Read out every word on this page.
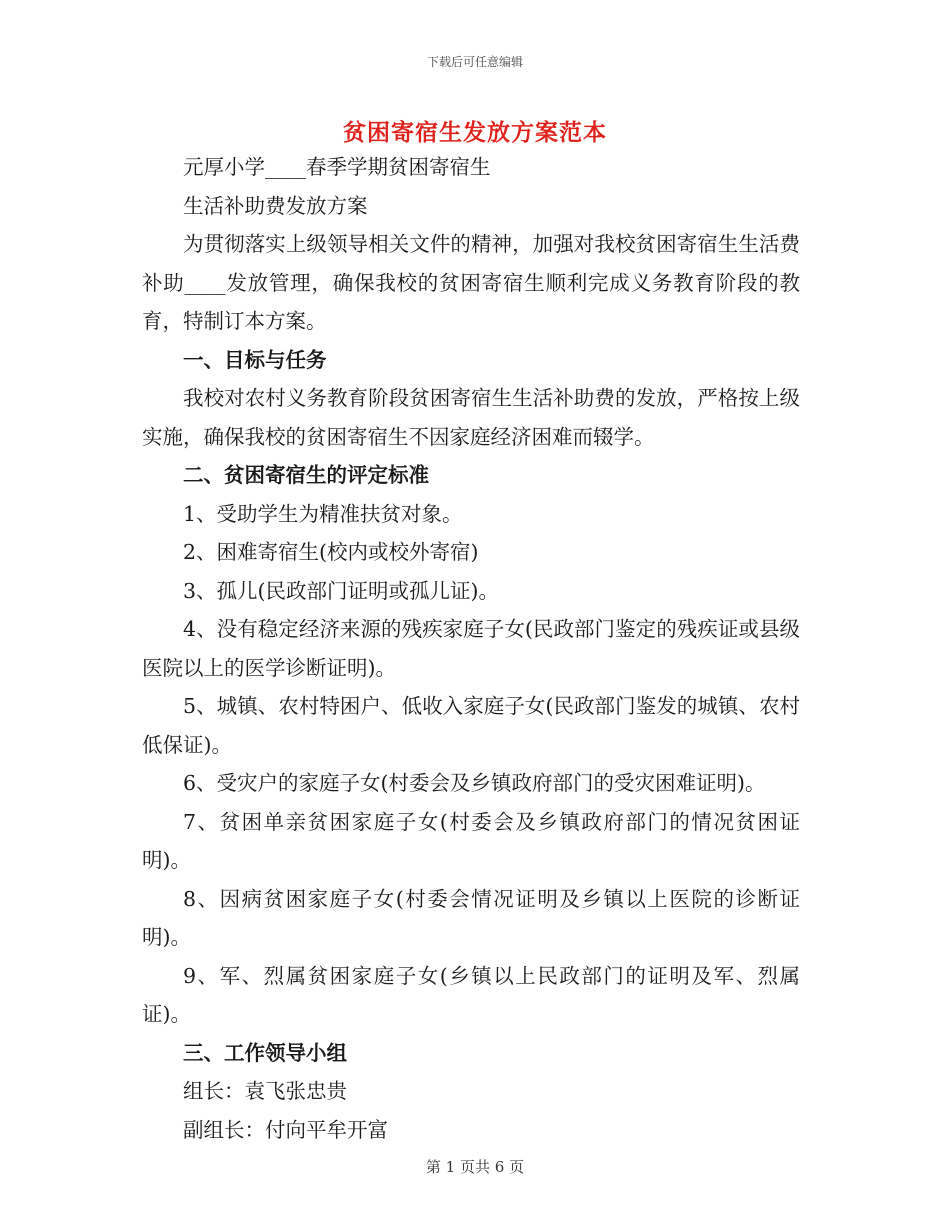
下载后可任意编辑
贫困寄宿生发放方案范本

元厚小学____春季学期贫困寄宿生

生活补助费发放方案

为贯彻落实上级领导相关文件的精神，加强对我校贫困寄宿生生活费补助____发放管理，确保我校的贫困寄宿生顺利完成义务教育阶段的教育，特制订本方案。

一、目标与任务

我校对农村义务教育阶段贫困寄宿生生活补助费的发放，严格按上级实施，确保我校的贫困寄宿生不因家庭经济困难而辍学。

二、贫困寄宿生的评定标准

1、受助学生为精准扶贫对象。

2、困难寄宿生(校内或校外寄宿)

3、孤儿(民政部门证明或孤儿证)。

4、没有稳定经济来源的残疾家庭子女(民政部门鉴定的残疾证或县级医院以上的医学诊断证明)。

5、城镇、农村特困户、低收入家庭子女(民政部门鉴发的城镇、农村低保证)。

6、受灾户的家庭子女(村委会及乡镇政府部门的受灾困难证明)。

7、贫困单亲贫困家庭子女(村委会及乡镇政府部门的情况贫困证明)。

8、因病贫困家庭子女(村委会情况证明及乡镇以上医院的诊断证明)。

9、军、烈属贫困家庭子女(乡镇以上民政部门的证明及军、烈属证)。

三、工作领导小组

组长：袁飞张忠贵

副组长：付向平牟开富

第 1 页共 6 页
